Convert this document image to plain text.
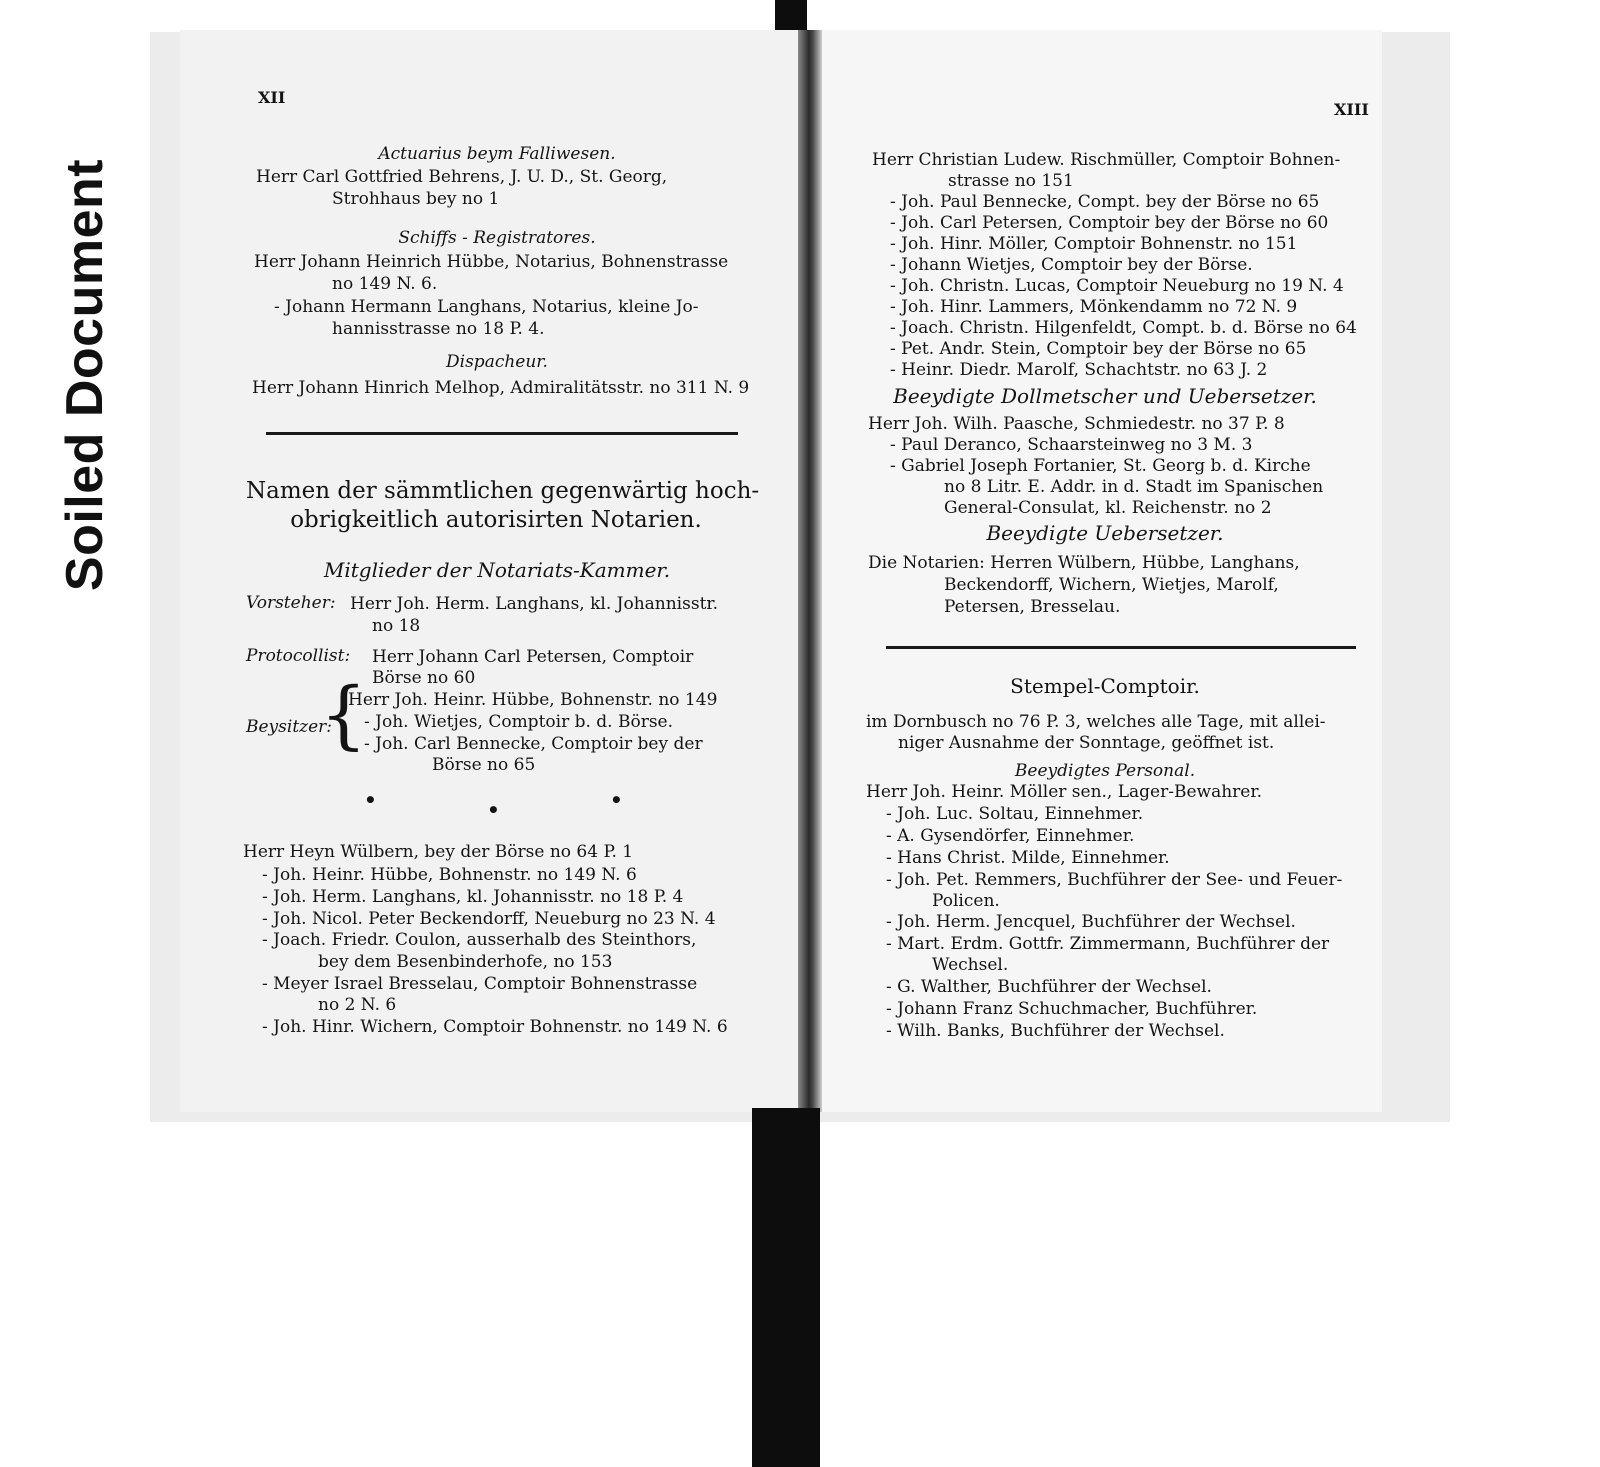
Soiled Document
XII
Actuarius beym Falliwesen.
Herr Carl Gottfried Behrens, J. U. D., St. Georg,
Strohhaus bey no 1
Schiffs - Registratores.
Herr Johann Heinrich Hübbe, Notarius, Bohnenstrasse
no 149 N. 6.
- Johann Hermann Langhans, Notarius, kleine Jo-
hannisstrasse no 18 P. 4.
Dispacheur.
Herr Johann Hinrich Melhop, Admiralitätsstr. no 311 N. 9
Namen der sämmtlichen gegenwärtig hoch-
obrigkeitlich autorisirten Notarien.
Mitglieder der Notariats-Kammer.
Vorsteher: Herr Joh. Herm. Langhans, kl. Johannisstr.
no 18
Protocollist: Herr Johann Carl Petersen, Comptoir
Börse no 60
Beysitzer:
{
Herr Joh. Heinr. Hübbe, Bohnenstr. no 149
- Joh. Wietjes, Comptoir b. d. Börse.
- Joh. Carl Bennecke, Comptoir bey der
Börse no 65
•	•	•
Herr Heyn Wülbern, bey der Börse no 64 P. 1
- Joh. Heinr. Hübbe, Bohnenstr. no 149 N. 6
- Joh. Herm. Langhans, kl. Johannisstr. no 18 P. 4
- Joh. Nicol. Peter Beckendorff, Neueburg no 23 N. 4
- Joach. Friedr. Coulon, ausserhalb des Steinthors,
bey dem Besenbinderhofe, no 153
- Meyer Israel Bresselau, Comptoir Bohnenstrasse
no 2 N. 6
- Joh. Hinr. Wichern, Comptoir Bohnenstr. no 149 N. 6
XIII
Herr Christian Ludew. Rischmüller, Comptoir Bohnen-
strasse no 151
- Joh. Paul Bennecke, Compt. bey der Börse no 65
- Joh. Carl Petersen, Comptoir bey der Börse no 60
- Joh. Hinr. Möller, Comptoir Bohnenstr. no 151
- Johann Wietjes, Comptoir bey der Börse.
- Joh. Christn. Lucas, Comptoir Neueburg no 19 N. 4
- Joh. Hinr. Lammers, Mönkendamm no 72 N. 9
- Joach. Christn. Hilgenfeldt, Compt. b. d. Börse no 64
- Pet. Andr. Stein, Comptoir bey der Börse no 65
- Heinr. Diedr. Marolf, Schachtstr. no 63 J. 2
Beeydigte Dollmetscher und Uebersetzer.
Herr Joh. Wilh. Paasche, Schmiedestr. no 37 P. 8
- Paul Deranco, Schaarsteinweg no 3 M. 3
- Gabriel Joseph Fortanier, St. Georg b. d. Kirche
no 8 Litr. E. Addr. in d. Stadt im Spanischen
General-Consulat, kl. Reichenstr. no 2
Beeydigte Uebersetzer.
Die Notarien: Herren Wülbern, Hübbe, Langhans,
Beckendorff, Wichern, Wietjes, Marolf,
Petersen, Bresselau.
Stempel-Comptoir.
im Dornbusch no 76 P. 3, welches alle Tage, mit allei-
niger Ausnahme der Sonntage, geöffnet ist.
Beeydigtes Personal.
Herr Joh. Heinr. Möller sen., Lager-Bewahrer.
- Joh. Luc. Soltau, Einnehmer.
- A. Gysendörfer, Einnehmer.
- Hans Christ. Milde, Einnehmer.
- Joh. Pet. Remmers, Buchführer der See- und Feuer-
Policen.
- Joh. Herm. Jencquel, Buchführer der Wechsel.
- Mart. Erdm. Gottfr. Zimmermann, Buchführer der
Wechsel.
- G. Walther, Buchführer der Wechsel.
- Johann Franz Schuchmacher, Buchführer.
- Wilh. Banks, Buchführer der Wechsel.
